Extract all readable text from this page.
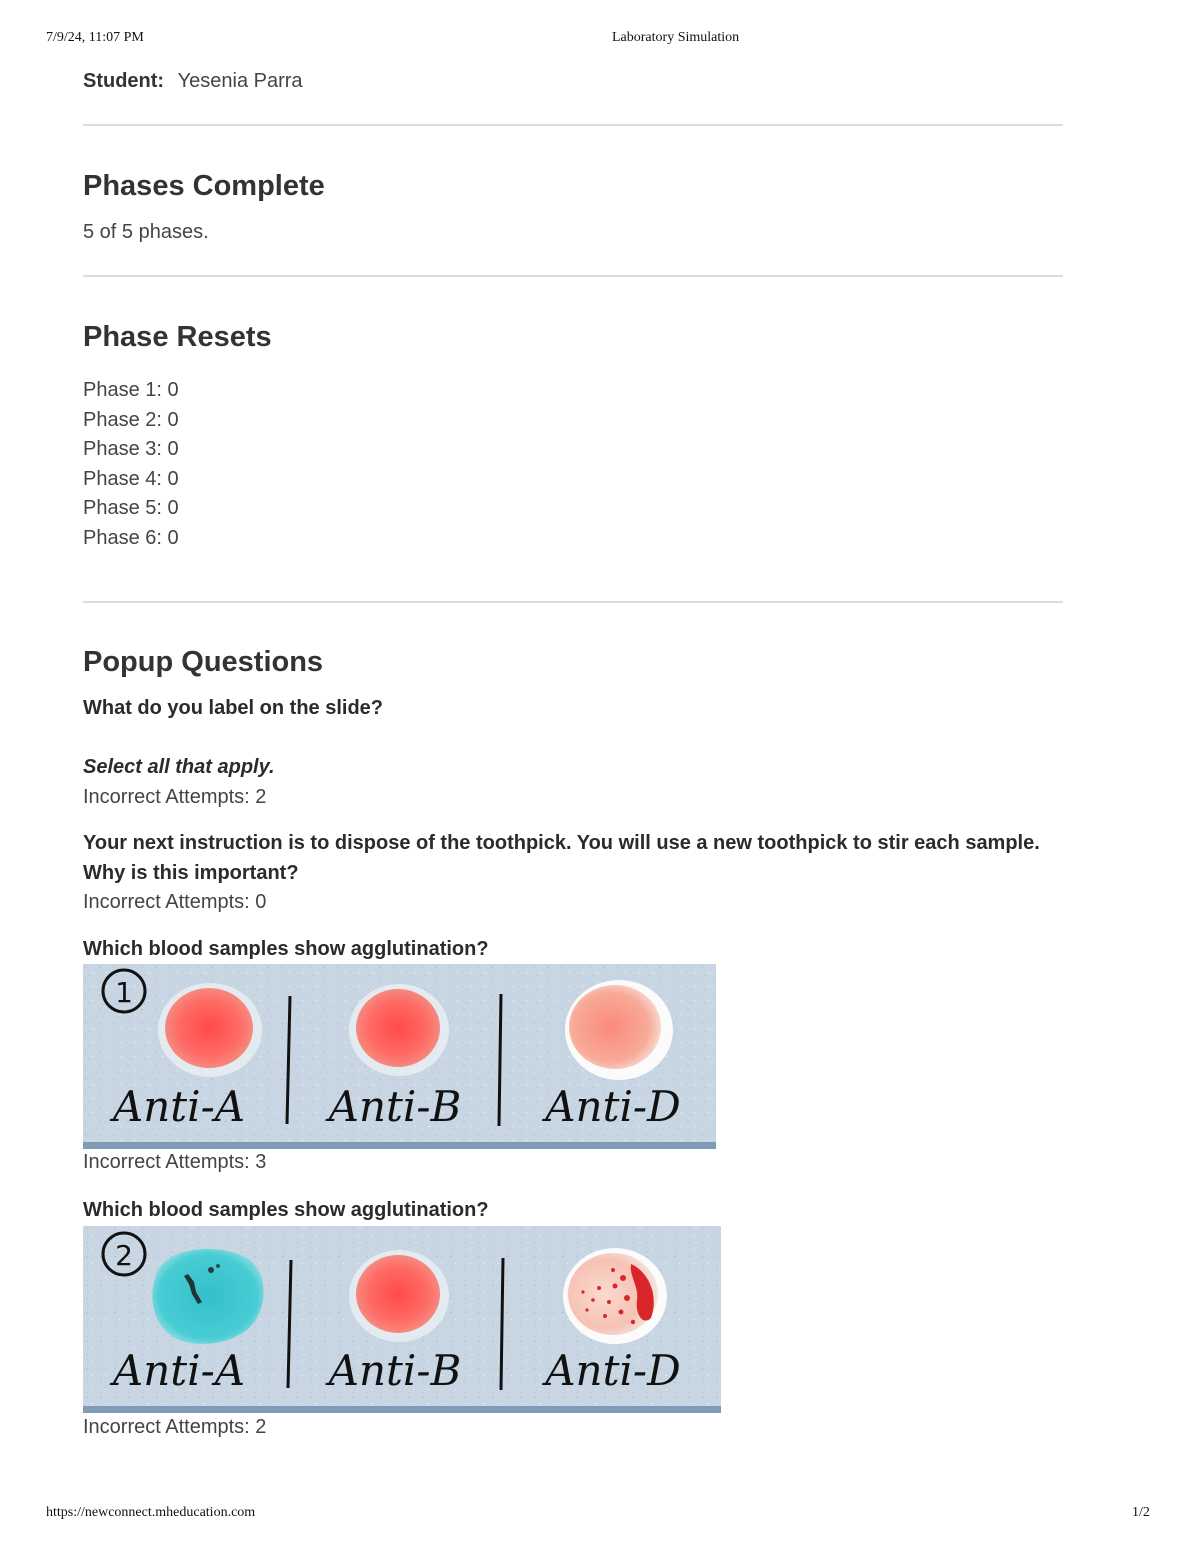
7/9/24, 11:07 PM	Laboratory Simulation
Student: Yesenia Parra
Phases Complete
5 of 5 phases.
Phase Resets
Phase 1: 0
Phase 2: 0
Phase 3: 0
Phase 4: 0
Phase 5: 0
Phase 6: 0
Popup Questions
What do you label on the slide?
Select all that apply.
Incorrect Attempts: 2
Your next instruction is to dispose of the toothpick. You will use a new toothpick to stir each sample. Why is this important?
Incorrect Attempts: 0
Which blood samples show agglutination?
1
Anti-A Anti-B Anti-D
Incorrect Attempts: 3
Which blood samples show agglutination?
2
Anti-A Anti-B Anti-D
Incorrect Attempts: 2
https://newconnect.mheducation.com	1/2
